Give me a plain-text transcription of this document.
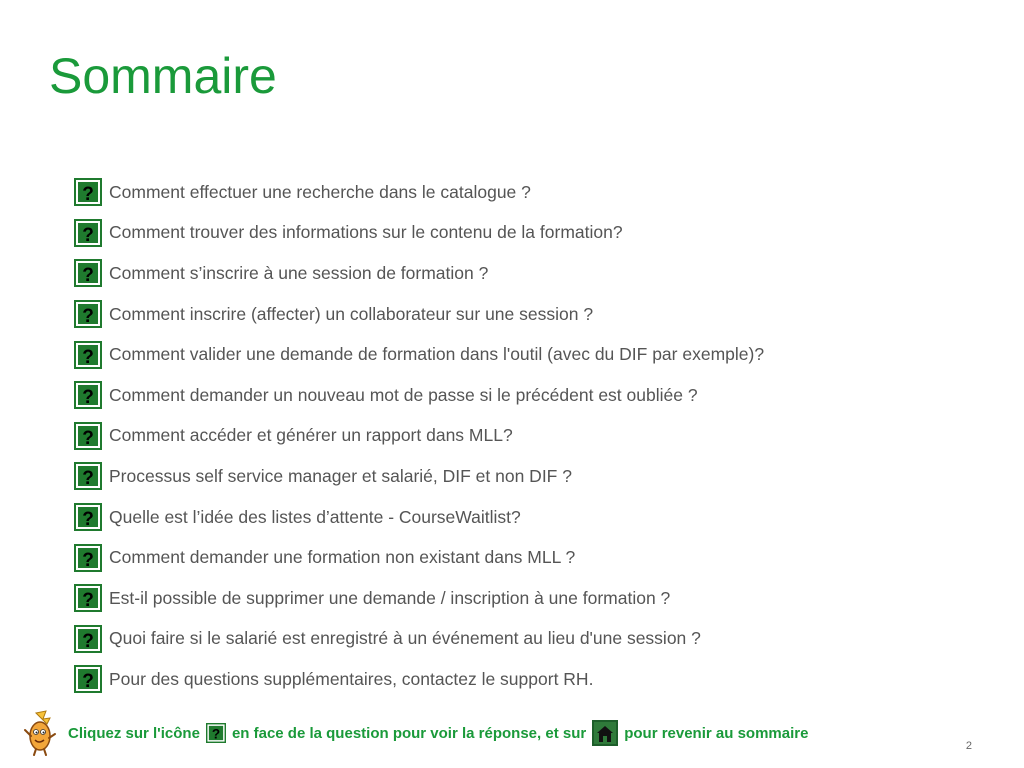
Sommaire
? Comment effectuer une recherche dans le catalogue ?
? Comment trouver des informations sur le contenu de la formation?
? Comment s’inscrire à une session de formation ?
? Comment inscrire (affecter) un collaborateur sur une session ?
? Comment valider une demande de formation dans l'outil (avec du DIF par exemple)?
? Comment demander un nouveau mot de passe si le précédent est oubliée ?
? Comment accéder et générer un rapport dans MLL?
? Processus self service manager et salarié, DIF et non DIF ?
? Quelle est l’idée des listes d’attente - CourseWaitlist?
? Comment demander une formation non existant dans MLL ?
? Est-il possible de supprimer une demande / inscription à une formation ?
? Quoi faire si le salarié est enregistré à un événement au lieu d'une session ?
? Pour des questions supplémentaires, contactez le support RH.
Cliquez sur l'icône ? en face de la question pour voir la réponse, et sur	pour revenir au sommaire
2
